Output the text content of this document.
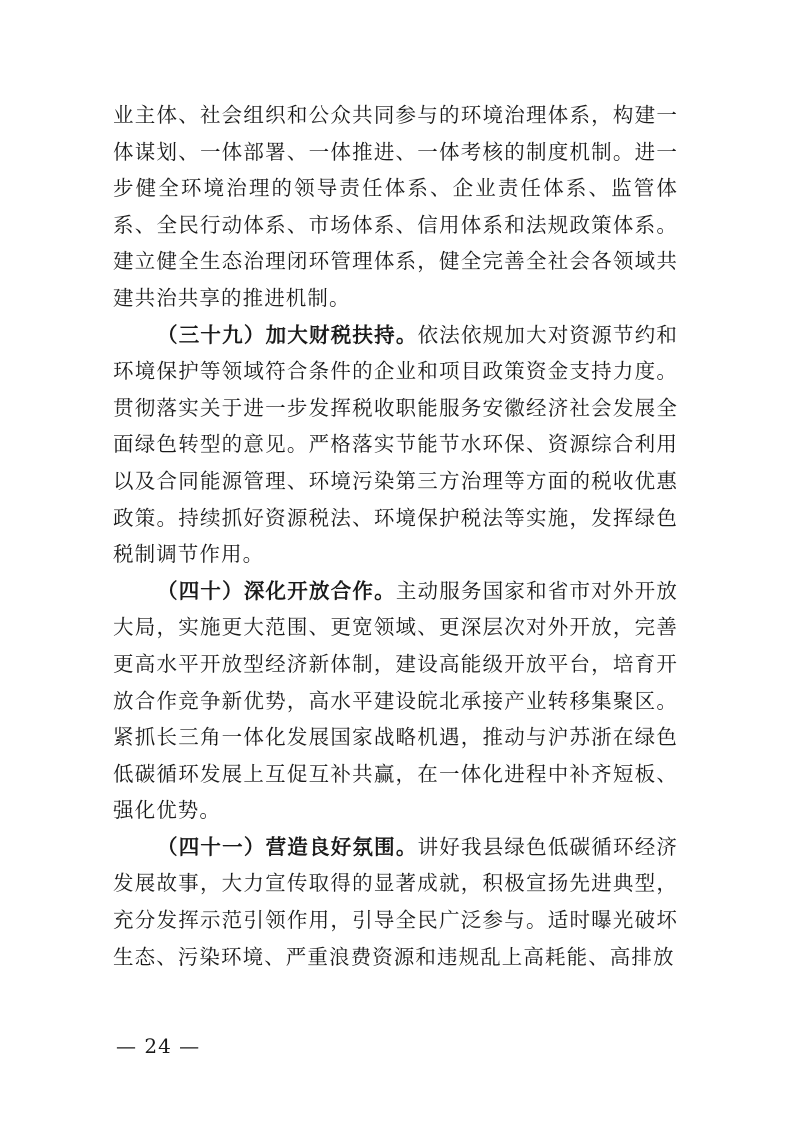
业主体、社会组织和公众共同参与的环境治理体系，构建一体谋划、一体部署、一体推进、一体考核的制度机制。进一步健全环境治理的领导责任体系、企业责任体系、监管体系、全民行动体系、市场体系、信用体系和法规政策体系。建立健全生态治理闭环管理体系，健全完善全社会各领域共建共治共享的推进机制。

（三十九）加大财税扶持。依法依规加大对资源节约和环境保护等领域符合条件的企业和项目政策资金支持力度。贯彻落实关于进一步发挥税收职能服务安徽经济社会发展全面绿色转型的意见。严格落实节能节水环保、资源综合利用以及合同能源管理、环境污染第三方治理等方面的税收优惠政策。持续抓好资源税法、环境保护税法等实施，发挥绿色税制调节作用。

（四十）深化开放合作。主动服务国家和省市对外开放大局，实施更大范围、更宽领域、更深层次对外开放，完善更高水平开放型经济新体制，建设高能级开放平台，培育开放合作竞争新优势，高水平建设皖北承接产业转移集聚区。紧抓长三角一体化发展国家战略机遇，推动与沪苏浙在绿色低碳循环发展上互促互补共赢，在一体化进程中补齐短板、强化优势。

（四十一）营造良好氛围。讲好我县绿色低碳循环经济发展故事，大力宣传取得的显著成就，积极宣扬先进典型，充分发挥示范引领作用，引导全民广泛参与。适时曝光破坏生态、污染环境、严重浪费资源和违规乱上高耗能、高排放

— 24 —
